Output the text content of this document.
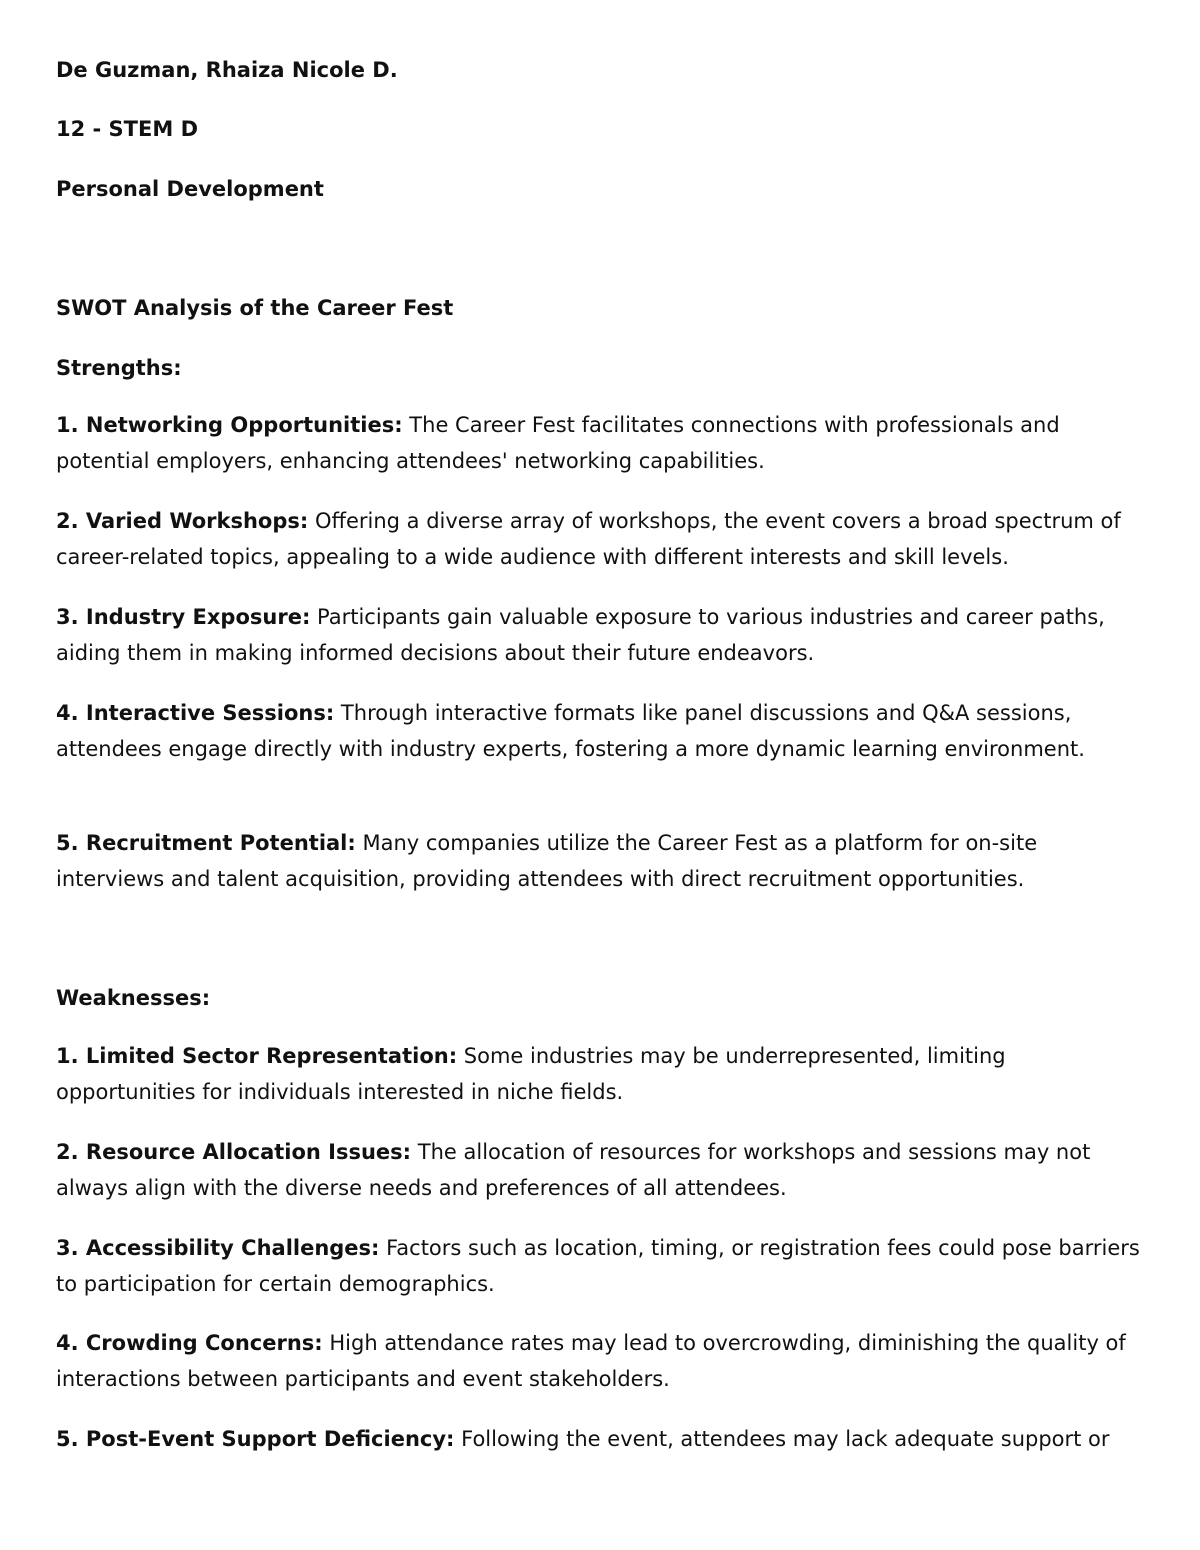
De Guzman, Rhaiza Nicole D.

12 - STEM D

Personal Development

SWOT Analysis of the Career Fest

Strengths:

1. Networking Opportunities: The Career Fest facilitates connections with professionals and potential employers, enhancing attendees' networking capabilities.

2. Varied Workshops: Offering a diverse array of workshops, the event covers a broad spectrum of career-related topics, appealing to a wide audience with different interests and skill levels.

3. Industry Exposure: Participants gain valuable exposure to various industries and career paths, aiding them in making informed decisions about their future endeavors.

4. Interactive Sessions: Through interactive formats like panel discussions and Q&A sessions, attendees engage directly with industry experts, fostering a more dynamic learning environment.

5. Recruitment Potential: Many companies utilize the Career Fest as a platform for on-site interviews and talent acquisition, providing attendees with direct recruitment opportunities.

Weaknesses:

1. Limited Sector Representation: Some industries may be underrepresented, limiting opportunities for individuals interested in niche fields.

2. Resource Allocation Issues: The allocation of resources for workshops and sessions may not always align with the diverse needs and preferences of all attendees.

3. Accessibility Challenges: Factors such as location, timing, or registration fees could pose barriers to participation for certain demographics.

4. Crowding Concerns: High attendance rates may lead to overcrowding, diminishing the quality of interactions between participants and event stakeholders.

5. Post-Event Support Deficiency: Following the event, attendees may lack adequate support or
